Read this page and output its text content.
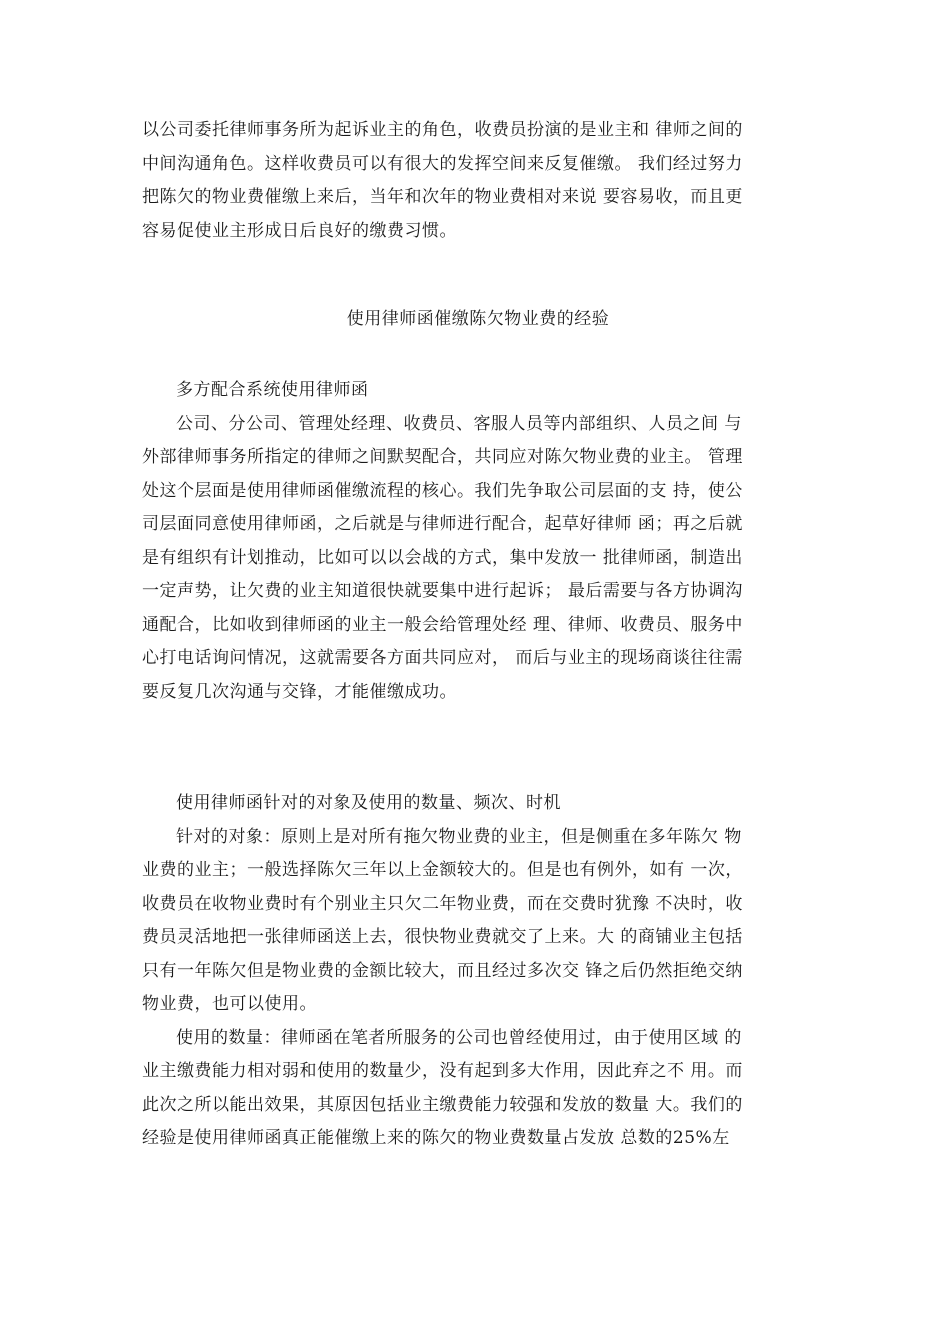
以公司委托律师事务所为起诉业主的角色，收费员扮演的是业主和 律师之间的
中间沟通角色。这样收费员可以有很大的发挥空间来反复催缴。 我们经过努力
把陈欠的物业费催缴上来后，当年和次年的物业费相对来说 要容易收，而且更
容易促使业主形成日后良好的缴费习惯。

使用律师函催缴陈欠物业费的经验

多方配合系统使用律师函

公司、分公司、管理处经理、收费员、客服人员等内部组织、人员之间 与
外部律师事务所指定的律师之间默契配合，共同应对陈欠物业费的业主。 管理
处这个层面是使用律师函催缴流程的核心。我们先争取公司层面的支 持，使公
司层面同意使用律师函，之后就是与律师进行配合，起草好律师 函；再之后就
是有组织有计划推动，比如可以以会战的方式，集中发放一 批律师函，制造出
一定声势，让欠费的业主知道很快就要集中进行起诉； 最后需要与各方协调沟
通配合，比如收到律师函的业主一般会给管理处经 理、律师、收费员、服务中
心打电话询问情况，这就需要各方面共同应对， 而后与业主的现场商谈往往需
要反复几次沟通与交锋，才能催缴成功。

使用律师函针对的对象及使用的数量、频次、时机

针对的对象：原则上是对所有拖欠物业费的业主，但是侧重在多年陈欠 物
业费的业主；一般选择陈欠三年以上金额较大的。但是也有例外，如有 一次，
收费员在收物业费时有个别业主只欠二年物业费，而在交费时犹豫 不决时，收
费员灵活地把一张律师函送上去，很快物业费就交了上来。大 的商铺业主包括
只有一年陈欠但是物业费的金额比较大，而且经过多次交 锋之后仍然拒绝交纳
物业费，也可以使用。

使用的数量：律师函在笔者所服务的公司也曾经使用过，由于使用区域 的
业主缴费能力相对弱和使用的数量少，没有起到多大作用，因此弃之不 用。而
此次之所以能出效果，其原因包括业主缴费能力较强和发放的数量 大。我们的
经验是使用律师函真正能催缴上来的陈欠的物业费数量占发放 总数的25%左
